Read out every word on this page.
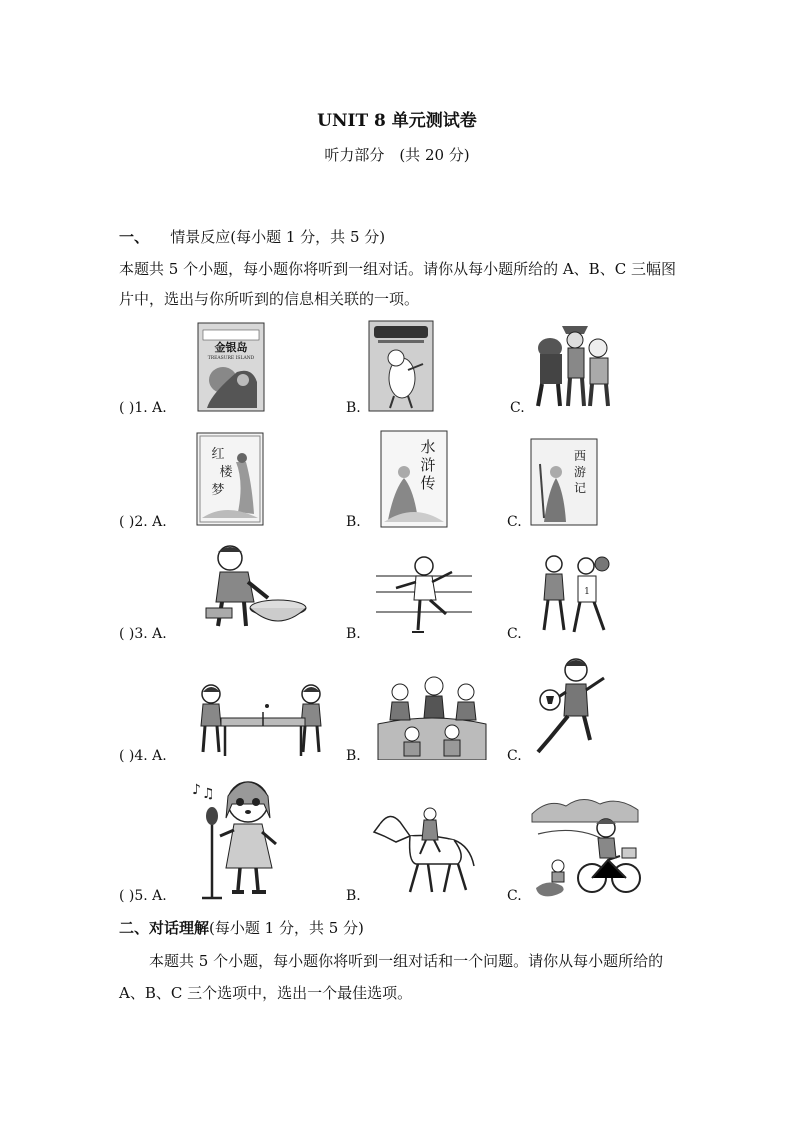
UNIT 8 单元测试卷
听力部分　(共 20 分)
一、 情景反应(每小题 1 分，共 5 分)
本题共 5 个小题，每小题你将听到一组对话。请你从每小题所给的 A、B、C 三幅图片中，选出与你所听到的信息相关联的一项。
( )1. A.
金银岛
TREASURE ISLAND
B.	C.
( )2. A.
红
楼
梦
B.
水
浒
传
C.
西
游
记
( )3. A.	B.	C.
1
( )4. A.	B.	C.
( )5. A.
♪ ♫
B.	C.
二、对话理解(每小题 1 分，共 5 分)
本题共 5 个小题，每小题你将听到一组对话和一个问题。请你从每小题所给的 A、B、C 三个选项中，选出一个最佳选项。
